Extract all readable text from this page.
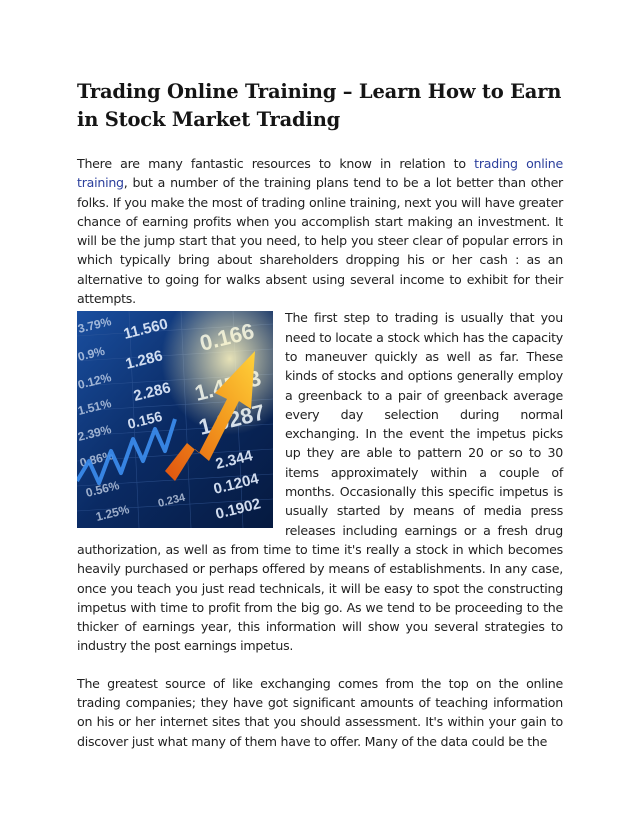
Trading Online Training – Learn How to Earn in Stock Market Trading

There are many fantastic resources to know in relation to trading online training, but a number of the training plans tend to be a lot better than other folks. If you make the most of trading online training, next you will have greater chance of earning profits when you accomplish start making an investment. It will be the jump start that you need, to help you steer clear of popular errors in which typically bring about shareholders dropping his or her cash : as an alternative to going for walks absent using several income to exhibit for their attempts.

The first step to trading is usually that you need to locate a stock which has the capacity to maneuver quickly as well as far. These kinds of stocks and options generally employ a greenback to a pair of greenback average every day selection during normal exchanging. In the event the impetus picks up they are able to pattern 20 or so to 30 items approximately within a couple of months. Occasionally this specific impetus is usually started by means of media press releases including earnings or a fresh drug authorization, as well as from time to time it's really a stock in which becomes heavily purchased or perhaps offered by means of establishments. In any case, once you teach you just read technicals, it will be easy to spot the constructing impetus with time to profit from the big go. As we tend to be proceeding to the thicker of earnings year, this information will show you several strategies to industry the post earnings impetus.

The greatest source of like exchanging comes from the top on the online trading companies; they have got significant amounts of teaching information on his or her internet sites that you should assessment. It's within your gain to discover just what many of them have to offer. Many of the data could be the
